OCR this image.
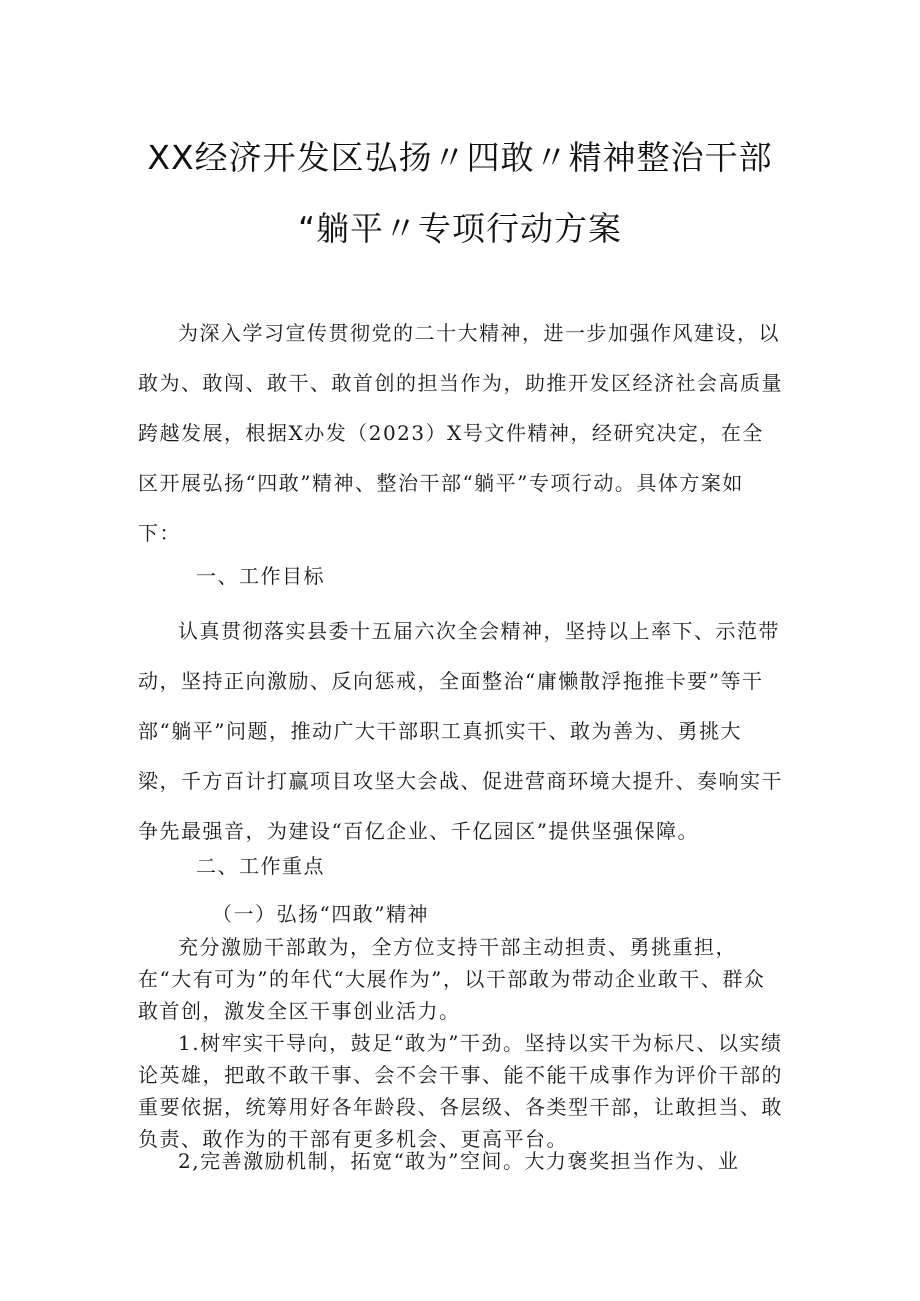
XX经济开发区弘扬〃四敢〃精神整治干部
“躺平〃专项行动方案
为深入学习宣传贯彻党的二十大精神，进一步加强作风建设，以敢为、敢闯、敢干、敢首创的担当作为，助推开发区经济社会高质量跨越发展，根据X办发（2023）X号文件精神，经研究决定，在全区开展弘扬“四敢”精神、整治干部“躺平”专项行动。具体方案如下：
一、工作目标
认真贯彻落实县委十五届六次全会精神，坚持以上率下、示范带动，坚持正向激励、反向惩戒，全面整治“庸懒散浮拖推卡要”等干部“躺平”问题，推动广大干部职工真抓实干、敢为善为、勇挑大梁，千方百计打赢项目攻坚大会战、促进营商环境大提升、奏响实干争先最强音，为建设“百亿企业、千亿园区”提供坚强保障。
二、工作重点
（一）弘扬“四敢”精神
充分激励干部敢为，全方位支持干部主动担责、勇挑重担，在“大有可为”的年代“大展作为”，以干部敢为带动企业敢干、群众敢首创，激发全区干事创业活力。
1.树牢实干导向，鼓足“敢为”干劲。坚持以实干为标尺、以实绩论英雄，把敢不敢干事、会不会干事、能不能干成事作为评价干部的重要依据，统筹用好各年龄段、各层级、各类型干部，让敢担当、敢负责、敢作为的干部有更多机会、更高平台。
2,完善激励机制，拓宽“敢为”空间。大力褒奖担当作为、业
